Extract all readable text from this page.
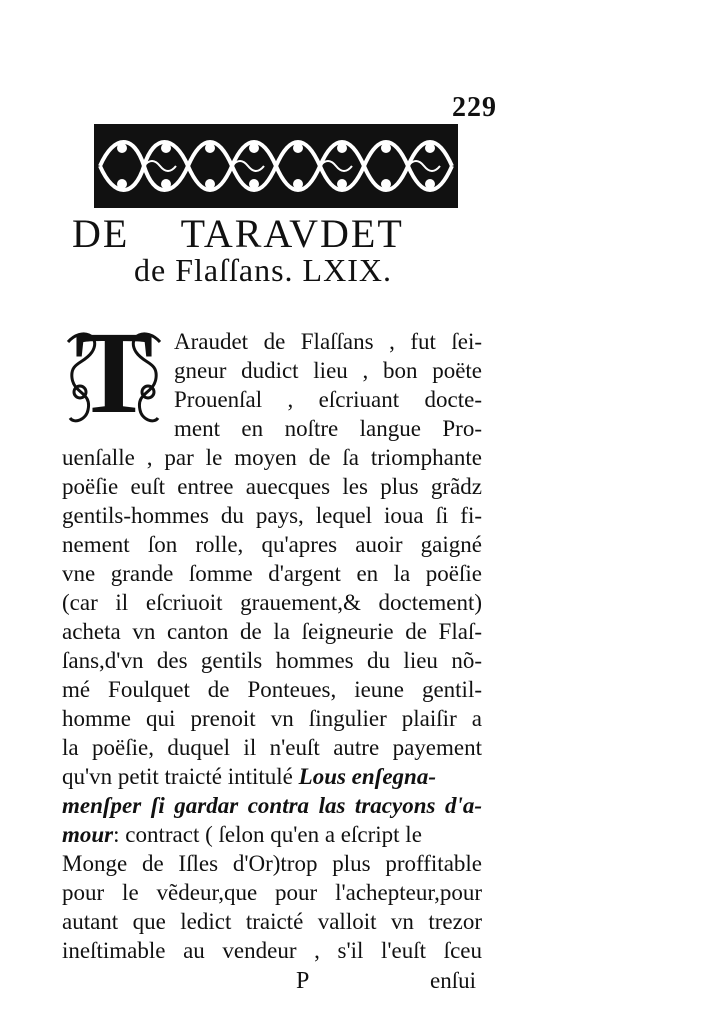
229
DE TARAVDET
de Flaſſans. LXIX.
T Araudet de Flaſſans , fut ſei-
gneur dudict lieu , bon poëte
Prouenſal , eſcriuant docte-
ment en noſtre langue Pro-
uenſalle , par le moyen de ſa triomphante
poëſie euſt entree auecques les plus grãdz
gentils-hommes du pays, lequel ioua ſi fi-
nement ſon rolle, qu'apres auoir gaigné
vne grande ſomme d'argent en la poëſie
(car il eſcriuoit grauement,& doctement)
acheta vn canton de la ſeigneurie de Flaſ-
ſans,d'vn des gentils hommes du lieu nõ-
mé Foulquet de Ponteues, ieune gentil-
homme qui prenoit vn ſingulier plaiſir a
la poëſie, duquel il n'euſt autre payement
qu'vn petit traicté intitulé Lous enſegna-
menſper ſi gardar contra las tracyons d'a-
mour: contract ( ſelon qu'en a eſcript le
Monge de Iſles d'Or)trop plus proffitable
pour le vẽdeur,que pour l'achepteur,pour
autant que ledict traicté valloit vn trezor
ineſtimable au vendeur , s'il l'euſt ſceu
P	enſui
